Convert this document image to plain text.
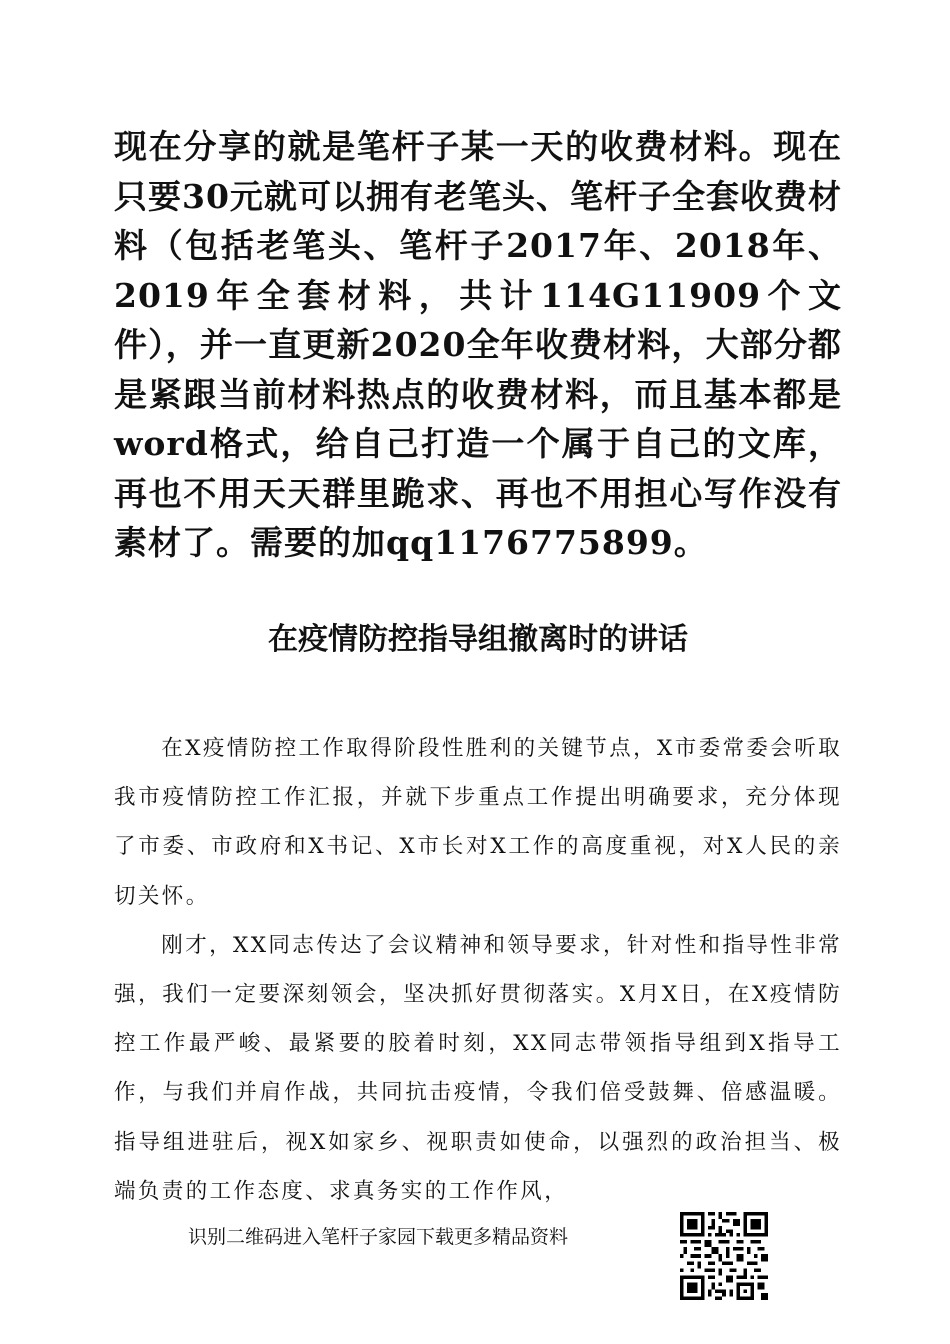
现在分享的就是笔杆子某一天的收费材料。现在只要30元就可以拥有老笔头、笔杆子全套收费材料（包括老笔头、笔杆子2017年、2018年、2019年全套材料，共计114G11909个文件），并一直更新2020全年收费材料，大部分都是紧跟当前材料热点的收费材料，而且基本都是word格式，给自己打造一个属于自己的文库，再也不用天天群里跪求、再也不用担心写作没有素材了。需要的加qq1176775899。

在疫情防控指导组撤离时的讲话

在X疫情防控工作取得阶段性胜利的关键节点，X市委常委会听取我市疫情防控工作汇报，并就下步重点工作提出明确要求，充分体现了市委、市政府和X书记、X市长对X工作的高度重视，对X人民的亲切关怀。

刚才，XX同志传达了会议精神和领导要求，针对性和指导性非常强，我们一定要深刻领会，坚决抓好贯彻落实。X月X日，在X疫情防控工作最严峻、最紧要的胶着时刻，XX同志带领指导组到X指导工作，与我们并肩作战，共同抗击疫情，令我们倍受鼓舞、倍感温暖。指导组进驻后，视X如家乡、视职责如使命，以强烈的政治担当、极端负责的工作态度、求真务实的工作作风，

识别二维码进入笔杆子家园下载更多精品资料
